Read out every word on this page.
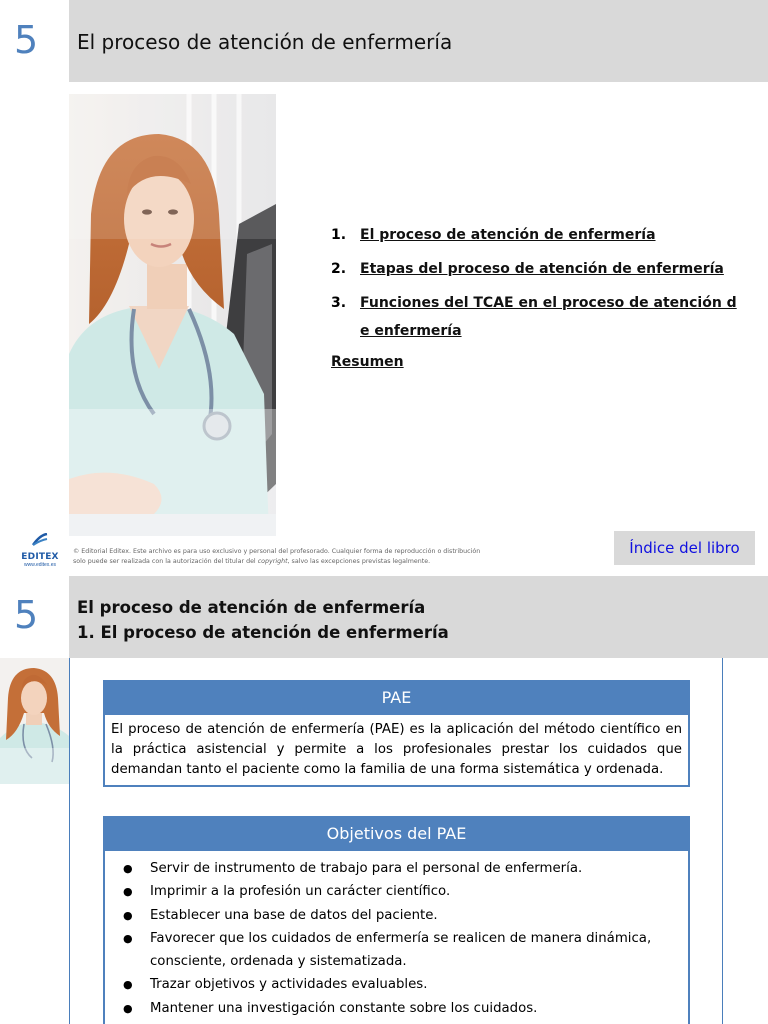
5 El proceso de atención de enfermería
1. El proceso de atención de enfermería
2. Etapas del proceso de atención de enfermería
3. Funciones del TCAE en el proceso de atención de enfermería
Resumen
EDITEX
www.editex.es
© Editorial Editex. Este archivo es para uso exclusivo y personal del profesorado. Cualquier forma de reproducción o distribución
solo puede ser realizada con la autorización del titular del copyright, salvo las excepciones previstas legalmente.
Índice del libro
5 El proceso de atención de enfermería
1. El proceso de atención de enfermería
PAE
El proceso de atención de enfermería (PAE) es la aplicación del método científico en la práctica asistencial y permite a los profesionales prestar los cuidados que demandan tanto el paciente como la familia de una forma sistemática y ordenada.
Objetivos del PAE
● Servir de instrumento de trabajo para el personal de enfermería.
● Imprimir a la profesión un carácter científico.
● Establecer una base de datos del paciente.
● Favorecer que los cuidados de enfermería se realicen de manera dinámica, consciente, ordenada y sistematizada.
● Trazar objetivos y actividades evaluables.
● Mantener una investigación constante sobre los cuidados.
